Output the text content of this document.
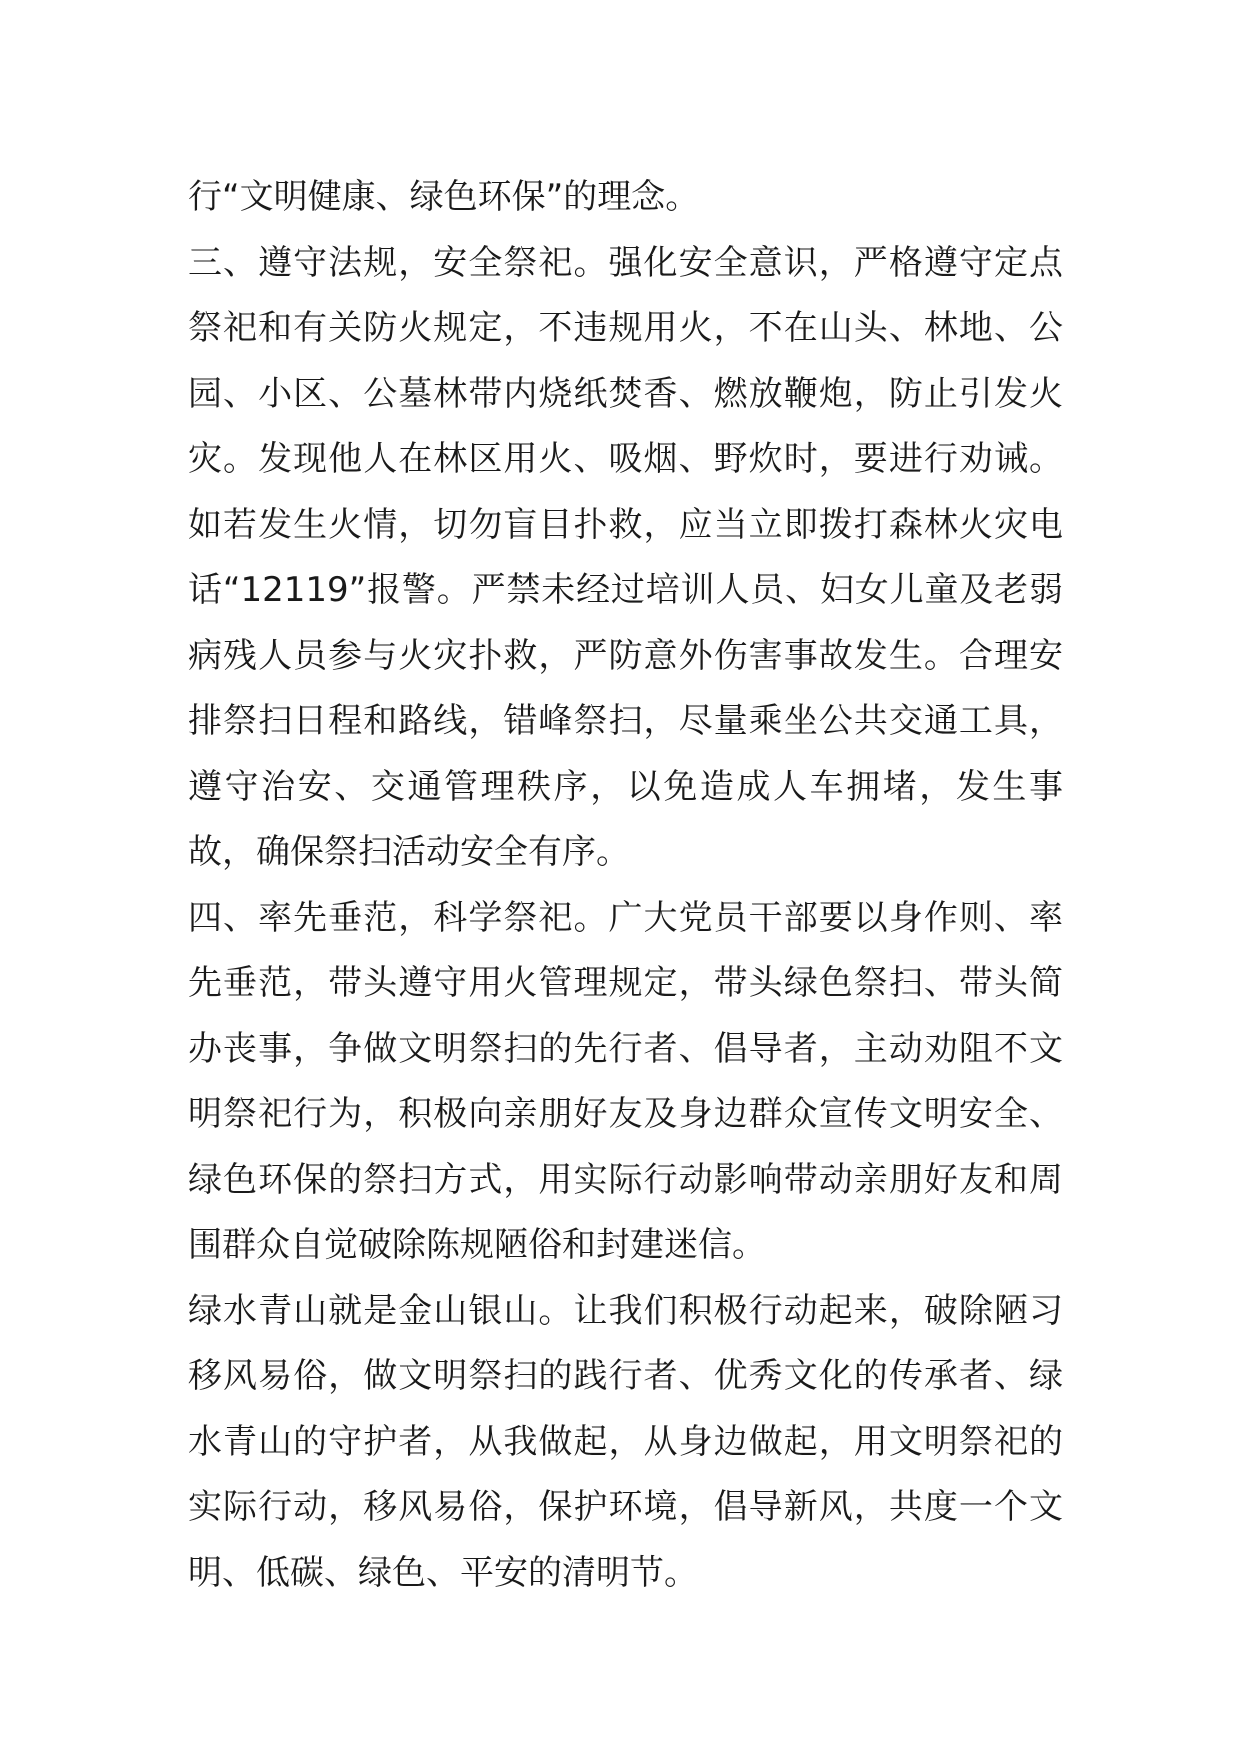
行“文明健康、绿色环保”的理念。

三、遵守法规，安全祭祀。强化安全意识，严格遵守定点祭祀和有关防火规定，不违规用火，不在山头、林地、公园、小区、公墓林带内烧纸焚香、燃放鞭炮，防止引发火灾。发现他人在林区用火、吸烟、野炊时，要进行劝诫。如若发生火情，切勿盲目扑救，应当立即拨打森林火灾电话“12119”报警。严禁未经过培训人员、妇女儿童及老弱病残人员参与火灾扑救，严防意外伤害事故发生。合理安排祭扫日程和路线，错峰祭扫，尽量乘坐公共交通工具，遵守治安、交通管理秩序，以免造成人车拥堵，发生事故，确保祭扫活动安全有序。

四、率先垂范，科学祭祀。广大党员干部要以身作则、率先垂范，带头遵守用火管理规定，带头绿色祭扫、带头简办丧事，争做文明祭扫的先行者、倡导者，主动劝阻不文明祭祀行为，积极向亲朋好友及身边群众宣传文明安全、绿色环保的祭扫方式，用实际行动影响带动亲朋好友和周围群众自觉破除陈规陋俗和封建迷信。

绿水青山就是金山银山。让我们积极行动起来，破除陋习移风易俗，做文明祭扫的践行者、优秀文化的传承者、绿水青山的守护者，从我做起，从身边做起，用文明祭祀的实际行动，移风易俗，保护环境，倡导新风，共度一个文明、低碳、绿色、平安的清明节。
